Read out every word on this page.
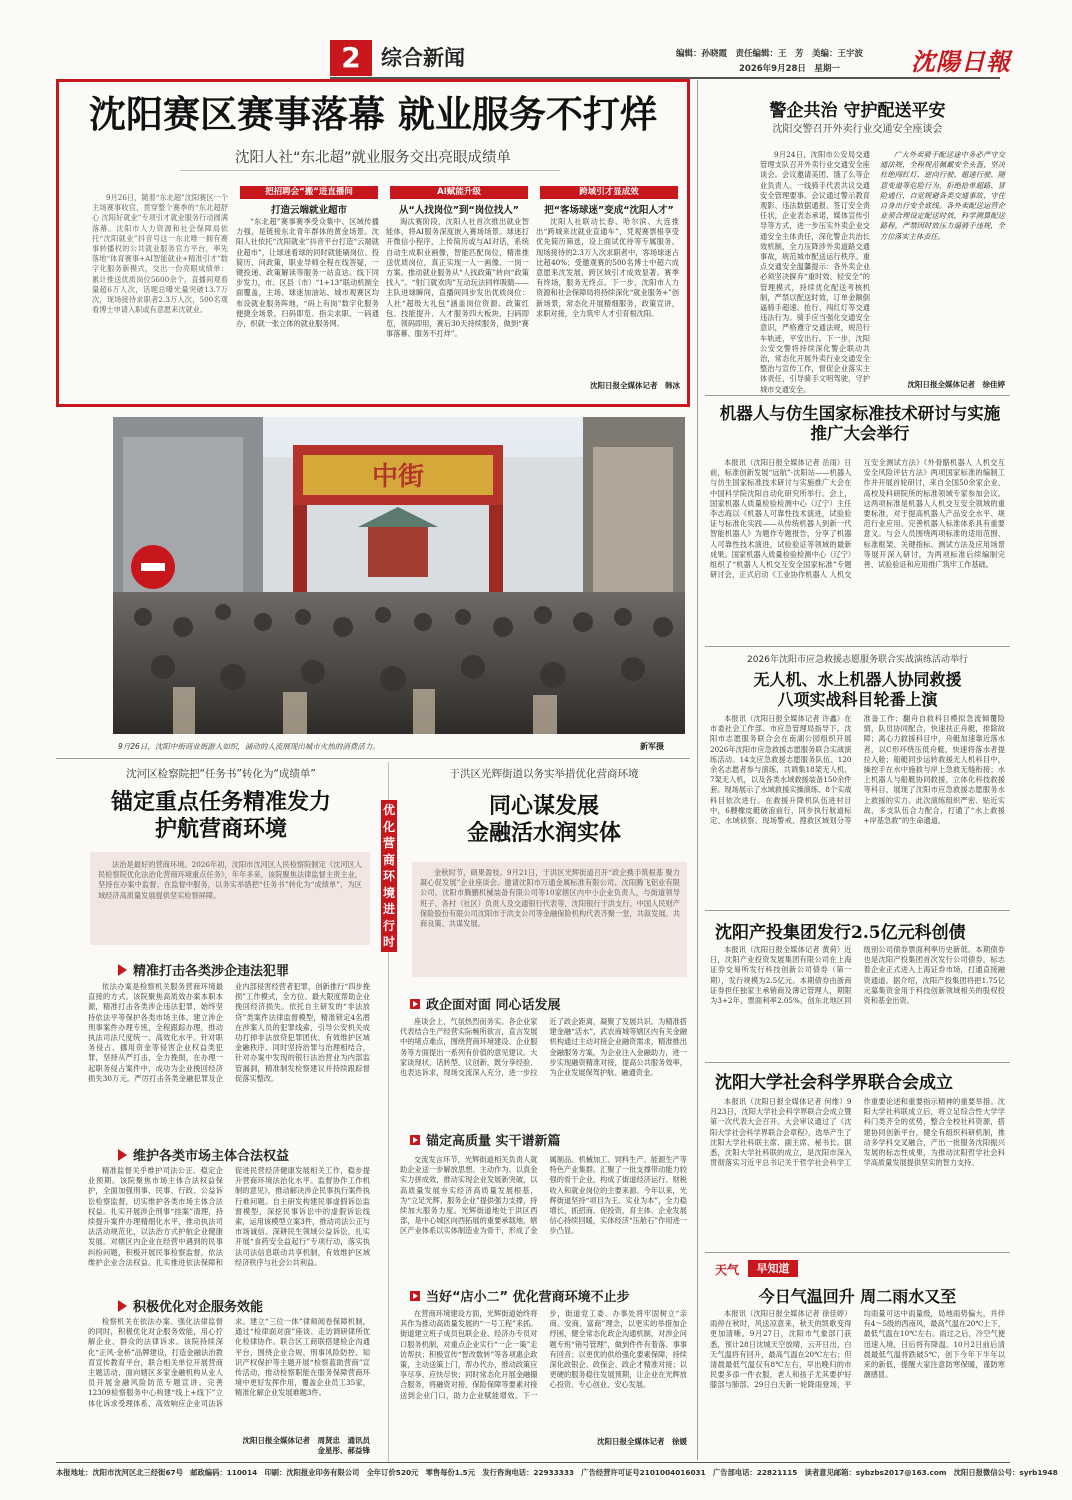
2 综合新闻	编辑：孙晓霞　责任编辑：王　芳　美编：王宇波
2026年9月28日　星期一	沈陽日報
沈阳赛区赛事落幕 就业服务不打烊
沈阳人社“东北超”就业服务交出亮眼成绩单

9月26日，随着“东北超”沈阳赛区一个主场赛事收官，贯穿整个赛季的“东北超舒心 沈阳好就业”专项引才就业服务行动圆满落幕。沈阳市人力资源和社会保障局依托“沈阳就业”抖音号这一东北唯一拥有赛事转播权的公共就业服务官方平台，率先落地“体育赛事+AI智能就业+精准引才”数字化服务新模式，交出一份亮眼成绩单：累计推送优质岗位5600余个，直播间观看量超6万人次，话题总曝光量突破13.7万次，现场接待求职者2.3万人次，500名观看博士申请入职或有意愿来沈就业。

把招聘会“搬”进直播间
打造云端就业超市

“东北超”赛事赛季受众集中、区域传播力强，是链接东北青年群体的黄金场景。沈阳人社依托“沈阳就业”抖音平台打造“云端就业超市”，让球迷看球的同时就能刷岗位、投简历、问政策，职业导师全程在线答疑，一键投递、政策解读等服务一站直达。线下同步发力，市、区县（市）“1+13”联动机制全面覆盖，主场、球迷加油站、城市观赛区均布设就业服务阵地，“码上有岗”数字化服务便捷全场景，扫码即览、指尖求职、一码通办，织就一张立体的就业服务网。

AI赋能升级
从“人找岗位”到“岗位找人”

淘汰赛阶段，沈阳人社首次推出就业智能体，将AI服务深度嵌入赛场场景。球迷打开微信小程序，上传简历或与AI对话，系统自动生成职业画像，智能匹配岗位，精准推送优质岗位，真正实现一人一画像、一岗一方案。推动就业服务从“人找政策”转向“政策找人”。“射门就欢肉”互动玩法同样吸睛——主队进球瞬间，直播间同步发出优质岗位：人社“超级大礼包”涵盖岗位资源、政策红包、技能提升、人才服务四大板块，扫码即览，领码即用，赛后30天持续服务，做到“赛事落幕、服务不打烊”。

跨域引才显成效
把“客场球迷”变成“沈阳人才”

沈阳人社联动长春、哈尔滨、大连推出“跨城来沈就业直通车”，凭观赛票根享受优先简历筛选，设上面试优待等专属服务。现场接待的2.3万人次求职者中，客场球迷占比超40%；受邀观赛的500名博士中超六成意愿来沈发展，跨区域引才成效显著。赛季有终场，服务无终点。下一步，沈阳市人力资源和社会保障局将持续深化“就业服务+”创新场景，常态化开展精细服务，政策宣讲，求职对接，全力筑牢人才引育根沈阳。

沈阳日报全媒体记者　韩冰
中街
9月26日，沈阳中街商业街游人如织，涌动的人流展现出城市火热的消费活力。	新军摄
警企共治 守护配送平安
沈阳交警召开外卖行业交通安全座谈会

9月24日，沈阳市公安局交通管理支队召开外卖行业交通安全座谈会。会议邀请美团、饿了么等企业负责人、一线骑手代表共议交通安全管理要事。会议通过警示教育观影、违法数据通报、签订安全责任状，企业表态承诺，媒体宣传引导等方式，进一步压实外卖企业交通安全主体责任，深化警企共治长效机制，全力压降涉外卖道路交通事故，规范城市配送运行秩序。重点交通安全温馨提示：各外卖企业必须坚决摒弃“重时效、轻安全”的管理模式，持续优化配送考核机制，严禁以配送时效，订单金额倒逼骑手超速、抢行、闯红灯等交通违法行为。骑手应当强化交通安全意识，严格遵守交通法规，规范行车轨迹，平安出行。下一步，沈阳公安交警将持续深化警企联动共治，常态化开展外卖行业交通安全整治与宣传工作，督促企业落实主体责任，引导骑手文明驾驶，守护城市交通安全。

广大外卖骑手配送途中务必严守交通法规，全程规范佩戴安全头盔，坚决杜绝闯红灯、逆向行驶、超速行驶、随意变道等危险行为，拒绝抢单超路、冒险通行，自觉规避各类交通事故，守住自身出行安全底线。各外卖配送运营企业须合理设定配送时效，科学测算配送路程，严禁因时效压力逼骑手违规，全方位落实主体责任。

沈阳日报全媒体记者　徐佳婷
机器人与仿生国家标准技术研讨与实施推广大会举行

本报讯（沈阳日报全媒体记者 岳雨）日前，标准创新发展“远航”·沈阳站——机器人与仿生国家标准技术研讨与实施推广大会在中国科学院沈阳自动化研究所举行。会上，国家机器人质量检验检测中心（辽宁）主任李志海以《机器人可靠性技术演进，试验验证与标准化实践——从传统机器人到新一代智能机器人》为题作专题报告，分享了机器人可靠性技术演进，试验验证等领域的最新成果。国家机器人质量检验检测中心（辽宁）组织了“机器人人机交互安全国家标准”专题研讨会，正式启动《工业协作机器人 人机交互安全测试方法》《外骨骼机器人 人机交互安全风险评估方法》两项国家标准的编制工作并开展首轮研讨，来自全国50余家企业、高校及科研院所的标准领域专家参加会议。这两项标准是机器人人机交互安全领域的重要标准，对于提高机器人产品安全水平、规范行业应用、完善机器人标准体系具有重要意义。与会人员围绕两项标准的适用范围、标准框架、关键指标、测试方法及应用场景等展开深入研讨，为两项标准后续编制完善、试验验证和应用推广筑牢工作基础。

2026年沈阳市应急救援志愿服务联合实战演练活动举行
无人机、水上机器人协同救援
八项实战科目轮番上演

本报讯（沈阳日报全媒体记者 许鑫）在市委社会工作部、市应急管理局指导下，沈阳市志愿服务联合会在南湖公园组织开展2026年沈阳市应急救援志愿服务联合实战演练活动。14支应急救援志愿服务队伍、120余名志愿者参与演练，共调集18架无人机、7架无人机，以及各类水域救援装备150余件套。现场展示了水域救援实操演练、8个实战科目依次进行。在救援升降机队伍进村目中，6艘橡皮艇破浪前行，同步执行航道标定、水域侦察、现场警戒、搜救区域划分等准备工作；翻舟自救科目模拟急流倾覆险情，队员协同配合，快速扶正舟艇，排除故障；离心力救援科目中，舟艇加速靠近落水者，以C形环绕压低舟艇，快速将落水者提拉入舱；船艇同步运转救援无人机科目中，操控手在水中施救与岸上急救无缝衔接；水上机器人与船艇协同救援，立体化科技救援等科目，展现了沈阳市应急救援志愿服务水上救援的实力。此次演练组织严密、贴近实战，多支队伍合力配合，打通了“水上救援+岸基急救”的生命通道。

沈阳产投集团发行2.5亿元科创债

本报讯（沈阳日报全媒体记者 黄荷）近日，沈阳产业投资发展集团有限公司在上海证券交易所发行科技创新公司债券（第一期），发行规模为2.5亿元。本期债券由浙商证券担任独家主承销商及薄记管理人，期限为3+2年，票面利率2.05%，创东北地区同级别公司债券票面利率历史新低。本期债券也是沈阳产投集团首次发行公司债券，标志着企业正式进入上海证券市场，打通直接融资通道。据介绍，沈阳产投集团将把1.75亿元募集资金用于科技创新领域相关的股权投资和基金出资。

沈阳大学社会科学界联合会成立

本报讯（沈阳日报全媒体记者 何维）9月23日，沈阳大学社会科学界联合会成立暨第一次代表大会召开。大会审议通过了《沈阳大学社会科学界联合会章程》，选举产生了沈阳大学社科联主席、副主席、秘书长。据悉，沈阳大学社科联的成立，是沈阳市深入贯彻落实习近平总书记关于哲学社会科学工作重要论述和重要指示精神的重要举措。沈阳大学社科联成立后，将立足综合性大学学科门类齐全的优势，整合全校社科资源，搭建协同创新平台，健全有组织科研机制，推动多学科交叉融合，产出一批服务沈阳振兴发展的标志性成果，为推动沈阳哲学社会科学高质量发展提供坚实的智力支持。

天气	早知道
今日气温回升 周二雨水又至

本报讯（沈阳日报全媒体记者 徐佳婷）雨停在秋时，风送凉意来，秋天的凯歌变得更加清晰。9月27日，沈阳市气象部门获悉，预计28日沈城天空放晴，云开日出，白天气温将有回升，最高气温在20℃左右；但清晨最低气温仅有8℃左右，早出晚归的市民要多添一件衣服，老人和孩子尤其要护好膝部与肺部。29日白天新一轮降雨登场，平均雨量可达中雨量级，局地雨势偏大，并伴有4～5级的西南风，最高气温在20℃上下，最低气温在10℃左右。雨过之后，冷空气便迅速入境，日后将有降温。10月2日前后清晨最低气温将跌破5℃，创下今年下半年以来的新低，提醒大家注意防寒保暖，谨防寒潮感冒。

沈河区检察院把“任务书”转化为“成绩单”
锚定重点任务精准发力
护航营商环境

法治是最好的营商环境。2026年初，沈阳市沈河区人民检察院制定《沈河区人民检察院优化法治化营商环境重点任务》，年年多来，该院聚焦法律监督主责主业，坚持在办案中监督、在监督中服务，以务实举措把“任务书”转化为“成绩单”，为区域经济高质量发展提供坚实检察屏障。

精准打击各类涉企违法犯罪

依法办案是检察机关服务营商环境最直接的方式。该院聚焦高质效办案本职本源，精准打击各类涉企违法犯罪，始终坚持依法平等保护各类市场主体。建立涉企刑事案件办理专班，全程跟踪办理，推动执法司法尺度统一、高效化水平。针对职务侵占、挪用资金等侵害企业权益类犯罪，坚持从严打击，全力挽损，在办理一起职务侵占案件中，成功为企业挽回经济损失30万元。严厉打击各类金融犯罪及企业内部侵害经营者犯罪，创新推行“四步挽损”工作模式，全方位、最大限度帮助企业挽回经济损失。依托自主研发的“非法放贷”类案件法律监督模型，精准锁定4名潜在涉案人员的犯罪线索，引导公安机关成功打掉非法放贷犯罪团伙，有效维护区域金融秩序。同时坚持治罪与治理相结合，针对办案中发现的银行法治营业为内部监管漏洞，精准制发检察建议并持续跟踪督促落实整改。

维护各类市场主体合法权益

精准监督关乎维护司法公正、稳定企业预期。该院聚焦市场主体合法权益保护，全面加强刑事、民事、行政、公益诉讼检察监督，切实维护各类市场主体合法权益。扎实开展涉企刑事“挂案”清理，持续提升案件办理精细化水平，推动执法司法活动规范化，以法治方式护航企业健康发展。对辖区内企业在经营中遇到的民事纠纷问题，积极开展民事检察监督，依法维护企业合法权益。扎实推进依法保障和促进民营经济健康发展相关工作，稳步提升营商环境法治化水平。监督协作工作机制的意见》，推动解决涉企民事执行案件执行难问题。自主研发构建民事虚假诉讼监督模型，深挖民事诉讼中的虚假诉讼线索，运用该模型立案3件，推动司法公正与市场诚信。深耕民生领域公益诉讼，扎实开展“食药安全益起行”专项行动，落实执法司法信息联动共享机制，有效维护区域经济秩序与社会公共利益。

积极优化对企服务效能

检察机关在依法办案、强化法律监督的同时，积极优化对企服务效能，用心拧解企业、群众的法律诉求。该院持续深化“正风·金桥”品牌建设，打造金融法治教育宣传教育平台，联合相关单位开展营商主题活动，面向辖区多家金融机构从业人员开展金融风险防范专题宣讲。完善12309检察服务中心构建“线上+线下”立体化诉求受理体系，高效响应企业司法诉求。建立“三位一体”律师阅卷保障机制，通过“检律面对面”座谈、走访调研律所优化检律协作。联合区工商联搭建检企沟通平台，围绕企业合规、刑事风险防控、知识产权保护等主题开展“检察蓝助营商”宣传活动，推动检察职能在服务保障营商环境中更好发挥作用，覆盖企业员工35家，精准化解企业发展难题3件。

沈阳日报全媒体记者　周贤忠　通讯员　金星彤、郝益锋
优化营商环境进行时
于洪区光辉街道以务实举措优化营商环境
同心谋发展
金融活水润实体

金秋时节，硕果盈枝。9月21日，于洪区光辉街道召开“政企携手筑根基 聚力凝心促发展”企业座谈会。邀请沈阳市万通金属标准有限公司、沈阳腾飞铝业有限公司、沈阳市腾鹏机械装备有限公司等10家辖区内中小企业负责人，与街道领导班子、各村（社区）负责人及交通银行代表等，沈阳银行于洪支行、中国人民财产保险股份有限公司沈阳市于洪支公司等金融保险机构代表齐聚一堂，共叙发展、共商良策、共谋发展。

政企面对面 同心话发展

座谈会上，气氛热烈而务实。各企业家代表结合生产经营实际畅所欲言，直言发展中的堵点难点，围绕营商环境建设、企业服务等方面提出一系列有价值的意见建议。大家谈现状、话转型、议创新，既分享经验、也表达诉求，现场交流深入充分，进一步拉近了政企距离，凝聚了发展共识。为精准搭建金融“活水”，武农商城等辖区内有关金融机构通过主动对接企业融资需求，精准推出金融服务方案，为企业注入金融助力，进一步实现融资精准对接，提高公共服务效率，为企业发展保驾护航、融通资金。

锚定高质量 实干谱新篇

交流发言环节，光辉街道相关负责人就助企业送一步解放思想、主动作为、以真金实力拼成效，推动实现企业发展新突破，以高质量发展夯实经济高质量发展根基，为“立足光辉、服务企业”提供强力支撑，持续加大服务力度。光辉街道地处于洪区西部，是中心城区向西拓展的重要承载地，辖区产业体系以实体制造业为骨干，形成了金属制品、机械加工、饲料生产、能源生产等特色产业集群。汇聚了一批支撑带动能力较强的骨干企业，构成了街道经济运行、财税收入和就业岗位的主要来源。今年以来，光辉街道坚持“项目为王、实业为本”，全力稳增长，抓招商、促投资，育主体、企业发展信心持续回暖，实体经济“压舱石”作用进一步凸显。

当好“店小二” 优化营商环境不止步

在营商环境建设方面，光辉街道始终将其作为推动高质量发展的“一号工程”来抓。街道建立班子成员包联企业、经济办专员对口服务机制，对重点企业实行“一企一策”走访帮扶；积极宣传“智改数转”等各项惠企政策，主动送策上门，帮办代办，推动政策应享尽享、应快尽快；同时常态化开展金融撮合服务，将融资对接、保险保障等要素对接送到企业门口，助力企业赋能增效。下一步，街道党工委、办事处将牢固树立“亲商、安商、富商”理念，以更实的举措加企纾困，健全常态化政企沟通机制，对涉企问题专班“销号管理”，做到件件有着落、事事有回音；以更优的供给强化要素保障，持续深化政银企、政保企、政企才精准对接；以更硬的服务稳住发展预期，让企业在光辉放心投资、专心创业、安心发展。

沈阳日报全媒体记者　徐媛
本报地址：沈阳市沈河区北三经街67号　邮政编码：110014　印刷：沈阳报业印务有限公司　全年订价520元　零售每份1.5元　发行咨询电话：22933333　广告经营许可证号2101004016031　广告部电话：22821115　读者意见邮箱：sybzbs2017@163.com　沈阳日报微信公号：syrb1948
